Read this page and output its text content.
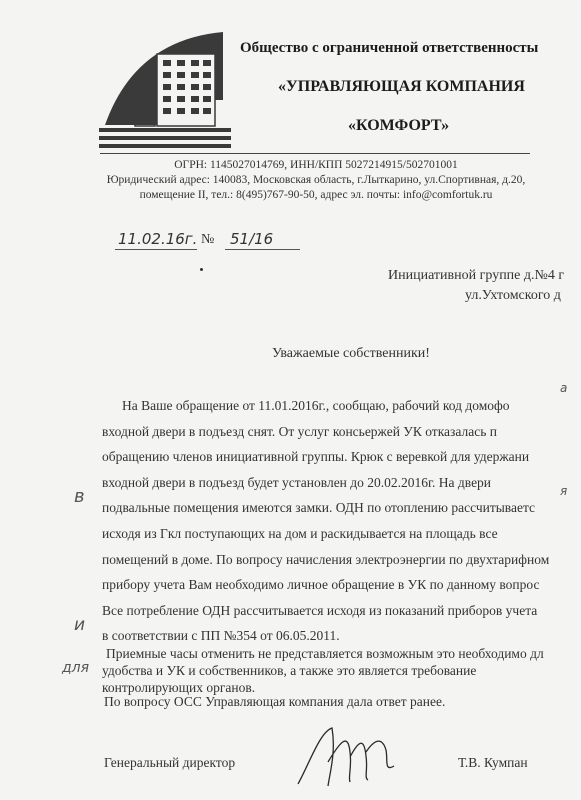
Общество с ограниченной ответственносты
«УПРАВЛЯЮЩАЯ КОМПАНИЯ
«КОМФОРТ»
ОГРН: 1145027014769, ИНН/КПП 5027214915/502701001
Юридический адрес: 140083, Московская область, г.Лыткарино, ул.Спортивная, д.20,
помещение II, тел.: 8(495)767-90-50, адрес эл. почты: info@comfortuk.ru
11.02.16г. № 51/16
Инициативной группе д.№4 г
ул.Ухтомского д
Уважаемые собственники!

На Ваше обращение от 11.01.2016г., сообщаю, рабочий код домофо

входной двери в подъезд снят. От услуг консьержей УК отказалась п

обращению членов инициативной группы. Крюк с веревкой для удержани

входной двери в подъезд будет установлен до 20.02.2016г. На двери

подвальные помещения имеются замки. ОДН по отоплению рассчитываетс

исходя из Гкл поступающих на дом и раскидывается на площадь все

помещений в доме. По вопросу начисления электроэнергии по двухтарифном

прибору учета Вам необходимо личное обращение в УК по данному вопрос

Все потребление ОДН рассчитывается исходя из показаний приборов учета

в соответствии с ПП №354 от 06.05.2011.

Приемные часы отменить не представляется возможным это необходимо дл

удобства и УК и собственников, а также это является требование

контролирующих органов.

По вопросу ОСС Управляющая компания дала ответ ранее.
Генеральный директор	Т.В. Кумпан
в
и
для
а
я
